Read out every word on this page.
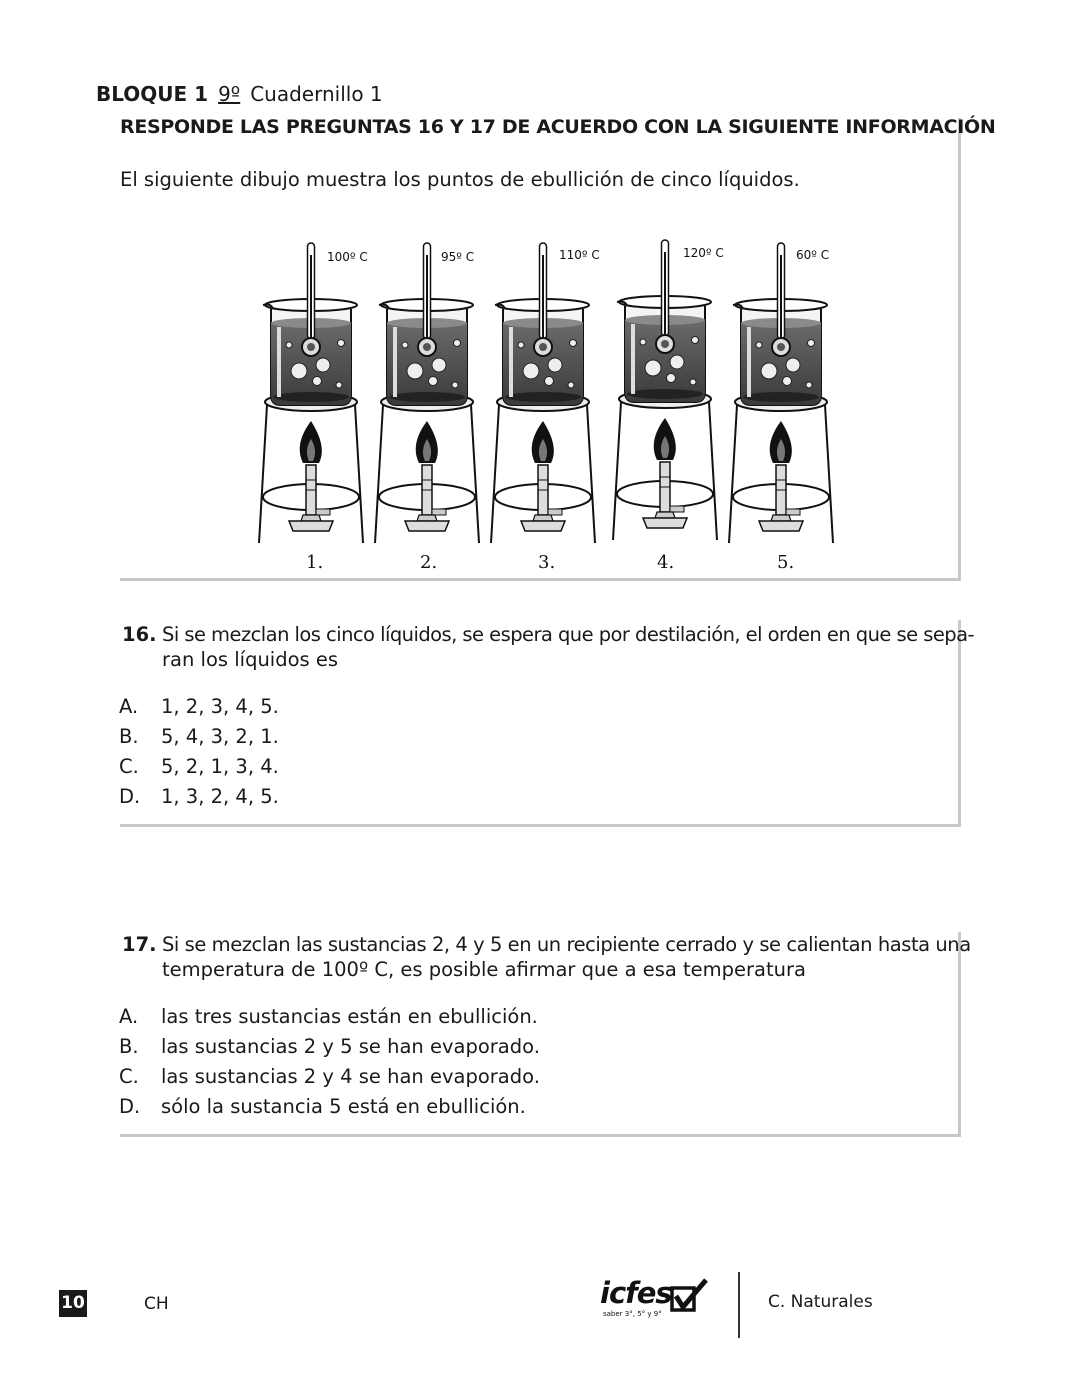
BLOQUE 1 9º Cuadernillo 1
RESPONDE LAS PREGUNTAS 16 Y 17 DE ACUERDO CON LA SIGUIENTE INFORMACIÓN
El siguiente dibujo muestra los puntos de ebullición de cinco líquidos.
100º C	95º C	110º C	120º C	60º C
1.	2.	3.	4.	5.
16. Si se mezclan los cinco líquidos, se espera que por destilación, el orden en que se sepa-
ran los líquidos es
A. 1, 2, 3, 4, 5.
B. 5, 4, 3, 2, 1.
C. 5, 2, 1, 3, 4.
D. 1, 3, 2, 4, 5.
17. Si se mezclan las sustancias 2, 4 y 5 en un recipiente cerrado y se calientan hasta una
temperatura de 100º C, es posible afirmar que a esa temperatura
A. las tres sustancias están en ebullición.
B. las sustancias 2 y 5 se han evaporado.
C. las sustancias 2 y 4 se han evaporado.
D. sólo la sustancia 5 está en ebullición.
10	CH	icfes
saber 3°, 5° y 9°
C. Naturales
